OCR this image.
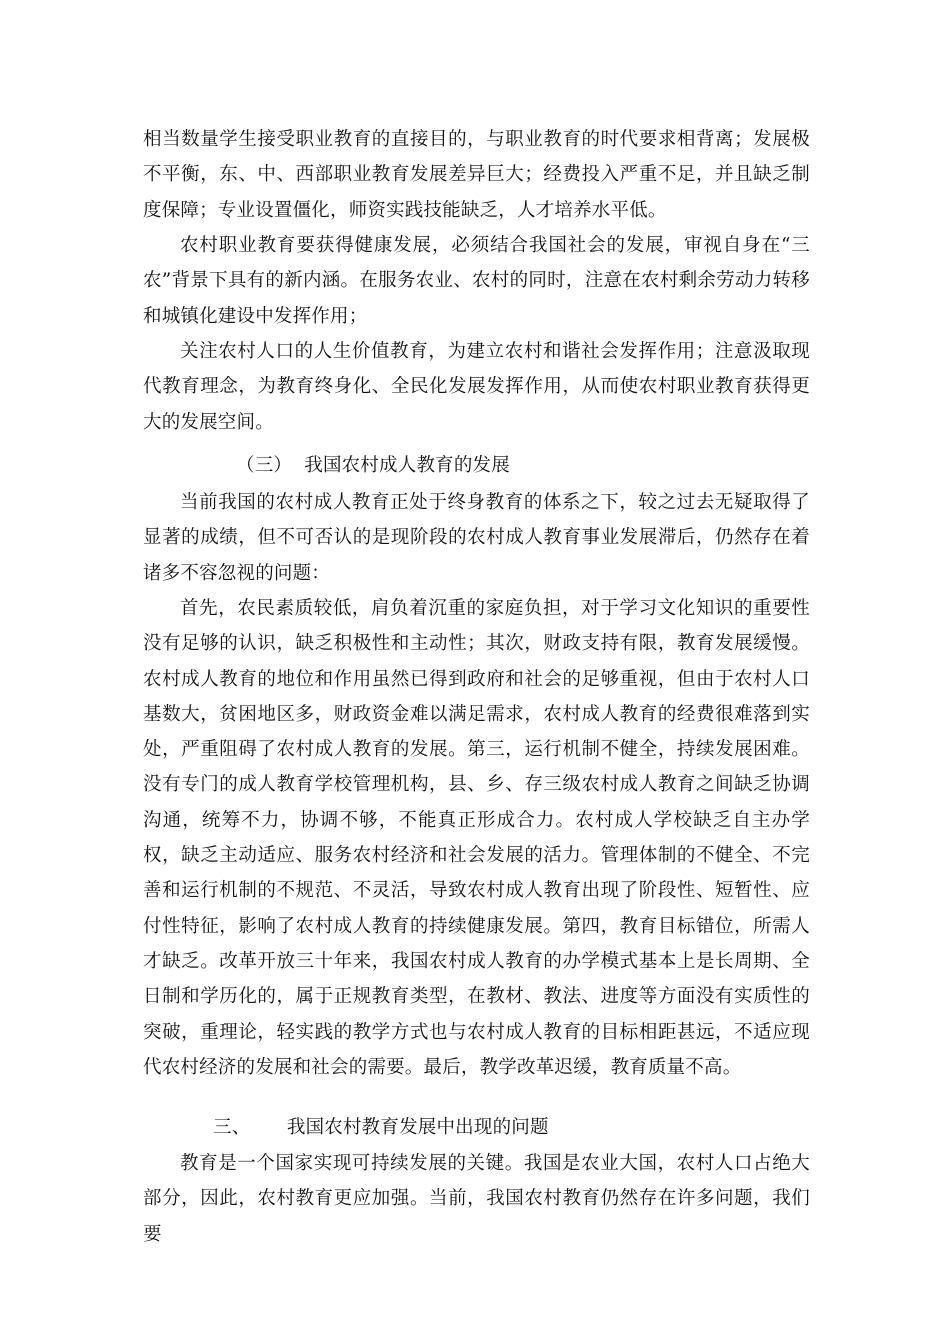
相当数量学生接受职业教育的直接目的，与职业教育的时代要求相背离；发展极不平衡，东、中、西部职业教育发展差异巨大；经费投入严重不足，并且缺乏制度保障；专业设置僵化，师资实践技能缺乏，人才培养水平低。
农村职业教育要获得健康发展，必须结合我国社会的发展，审视自身在“三农”背景下具有的新内涵。在服务农业、农村的同时，注意在农村剩余劳动力转移和城镇化建设中发挥作用；
关注农村人口的人生价值教育，为建立农村和谐社会发挥作用；注意汲取现代教育理念，为教育终身化、全民化发展发挥作用，从而使农村职业教育获得更大的发展空间。
（三）  我国农村成人教育的发展
当前我国的农村成人教育正处于终身教育的体系之下，较之过去无疑取得了显著的成绩，但不可否认的是现阶段的农村成人教育事业发展滞后，仍然存在着诸多不容忽视的问题：
首先，农民素质较低，肩负着沉重的家庭负担，对于学习文化知识的重要性没有足够的认识，缺乏积极性和主动性；其次，财政支持有限，教育发展缓慢。农村成人教育的地位和作用虽然已得到政府和社会的足够重视，但由于农村人口基数大，贫困地区多，财政资金难以满足需求，农村成人教育的经费很难落到实处，严重阻碍了农村成人教育的发展。第三，运行机制不健全，持续发展困难。没有专门的成人教育学校管理机构，县、乡、存三级农村成人教育之间缺乏协调沟通，统筹不力，协调不够，不能真正形成合力。农村成人学校缺乏自主办学权，缺乏主动适应、服务农村经济和社会发展的活力。管理体制的不健全、不完善和运行机制的不规范、不灵活，导致农村成人教育出现了阶段性、短暂性、应付性特征，影响了农村成人教育的持续健康发展。第四，教育目标错位，所需人才缺乏。改革开放三十年来，我国农村成人教育的办学模式基本上是长周期、全日制和学历化的，属于正规教育类型，在教材、教法、进度等方面没有实质性的突破，重理论，轻实践的教学方式也与农村成人教育的目标相距甚远，不适应现代农村经济的发展和社会的需要。最后，教学改革迟缓，教育质量不高。
三、      我国农村教育发展中出现的问题
教育是一个国家实现可持续发展的关键。我国是农业大国，农村人口占绝大部分，因此，农村教育更应加强。当前，我国农村教育仍然存在许多问题，我们要
